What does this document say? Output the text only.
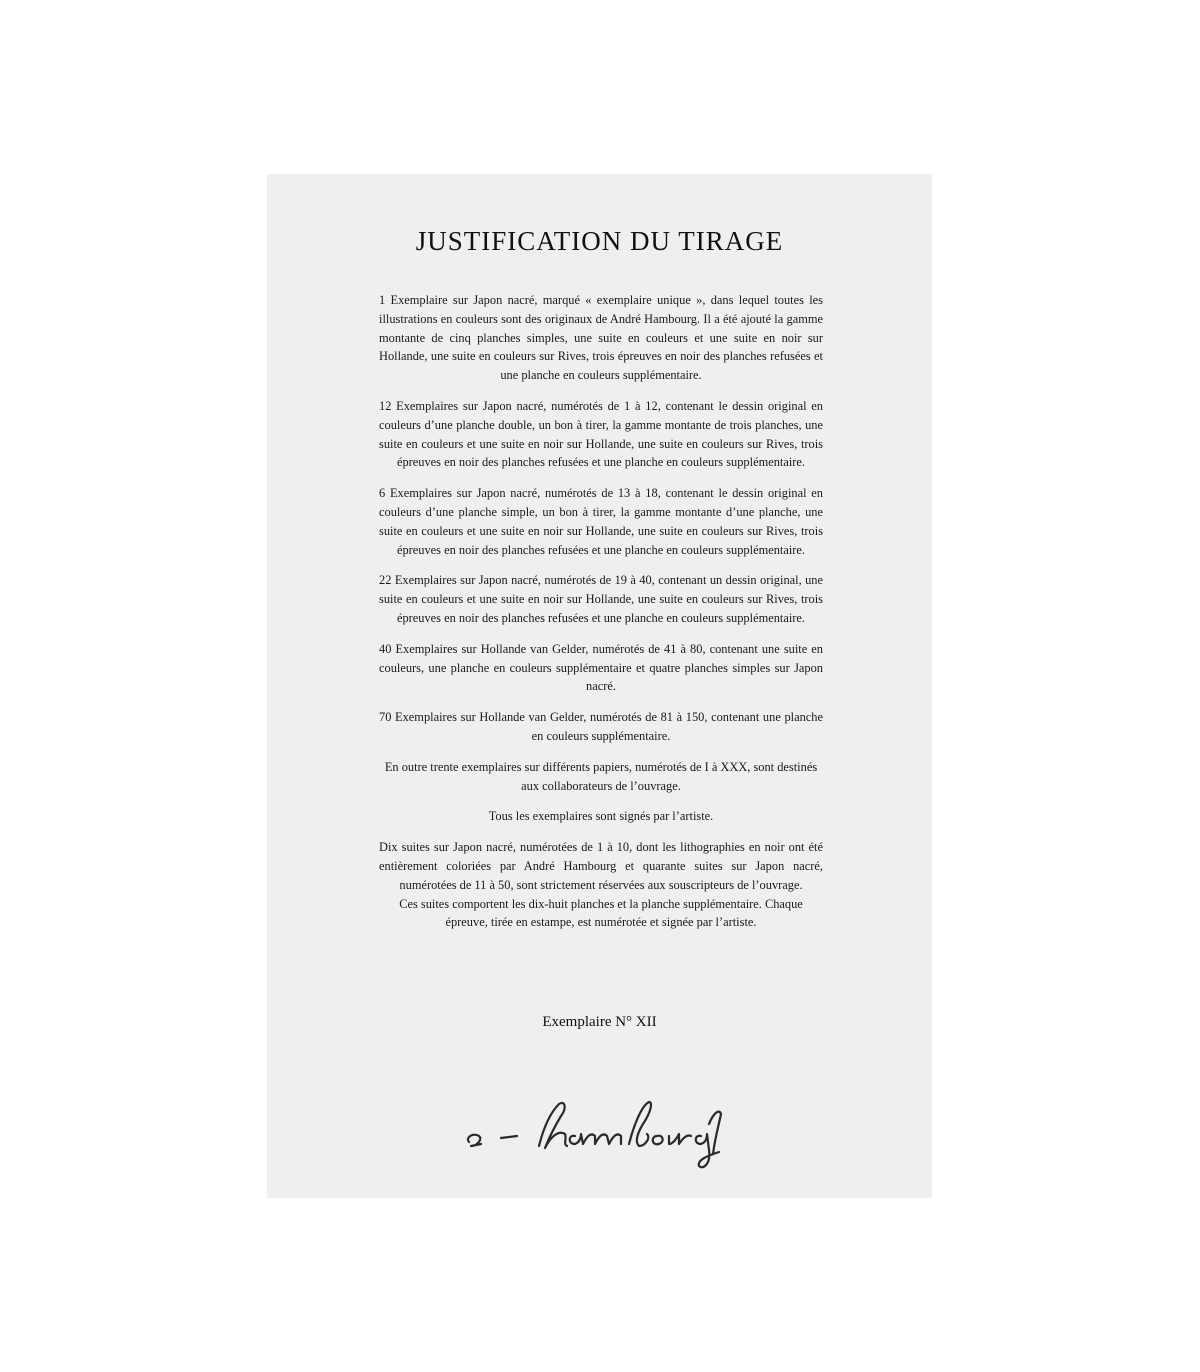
JUSTIFICATION DU TIRAGE

1 Exemplaire sur Japon nacré, marqué « exemplaire unique », dans lequel toutes les illustrations en couleurs sont des originaux de André Hambourg. Il a été ajouté la gamme montante de cinq planches simples, une suite en couleurs et une suite en noir sur Hollande, une suite en couleurs sur Rives, trois épreuves en noir des planches refusées et une planche en couleurs supplémentaire.

12 Exemplaires sur Japon nacré, numérotés de 1 à 12, contenant le dessin original en couleurs d’une planche double, un bon à tirer, la gamme montante de trois planches, une suite en couleurs et une suite en noir sur Hollande, une suite en couleurs sur Rives, trois épreuves en noir des planches refusées et une planche en couleurs supplémentaire.

6 Exemplaires sur Japon nacré, numérotés de 13 à 18, contenant le dessin original en couleurs d’une planche simple, un bon à tirer, la gamme montante d’une planche, une suite en couleurs et une suite en noir sur Hollande, une suite en couleurs sur Rives, trois épreuves en noir des planches refusées et une planche en couleurs supplémentaire.

22 Exemplaires sur Japon nacré, numérotés de 19 à 40, contenant un dessin original, une suite en couleurs et une suite en noir sur Hollande, une suite en couleurs sur Rives, trois épreuves en noir des planches refusées et une planche en couleurs supplémentaire.

40 Exemplaires sur Hollande van Gelder, numérotés de 41 à 80, contenant une suite en couleurs, une planche en couleurs supplémentaire et quatre planches simples sur Japon nacré.

70 Exemplaires sur Hollande van Gelder, numérotés de 81 à 150, contenant une planche en couleurs supplémentaire.

En outre trente exemplaires sur différents papiers, numérotés de I à XXX, sont destinés aux collaborateurs de l’ouvrage.

Tous les exemplaires sont signés par l’artiste.

Dix suites sur Japon nacré, numérotées de 1 à 10, dont les lithographies en noir ont été entièrement coloriées par André Hambourg et quarante suites sur Japon nacré, numérotées de 11 à 50, sont strictement réservées aux souscripteurs de l’ouvrage.

Ces suites comportent les dix-huit planches et la planche supplémentaire. Chaque épreuve, tirée en estampe, est numérotée et signée par l’artiste.

Exemplaire N° XII
